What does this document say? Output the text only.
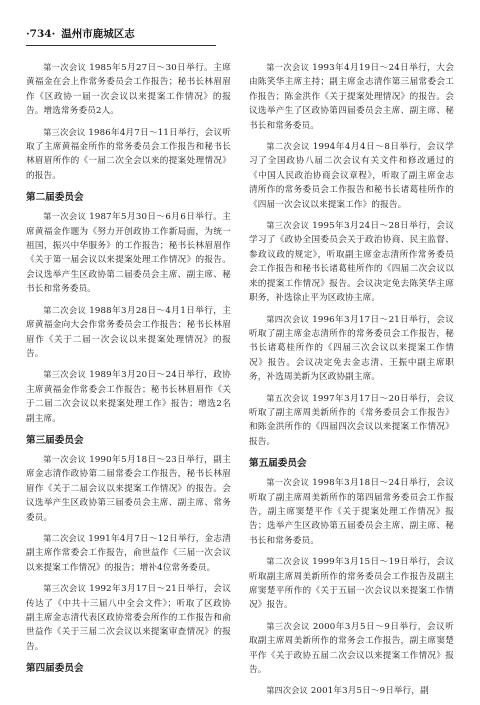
·734· 温州市鹿城区志

第一次会议 1985年5月27日～30日举行。主席黄福金在会上作常务委员会工作报告；秘书长林眉眉作《区政协一届一次会议以来提案工作情况》的报告。增选常务委员2人。

第三次会议 1986年4月7日～11日举行，会议听取了主席黄福金所作的常务委员会工作报告和秘书长林眉眉所作的《一届二次全会以来的提案处理情况》的报告。

第二届委员会

第一次会议 1987年5月30日～6月6日举行。主席黄福金作题为《努力开创政协工作新局面，为统一祖国，振兴中华服务》的工作报告；秘书长林眉眉作《关于第一届会议以来提案处理工作情况》的报告。会议选举产生区政协第二届委员会主席、副主席、秘书长和常务委员。

第二次会议 1988年3月28日～4月1日举行，主席黄福金向大会作常务委员会工作报告；秘书长林眉眉作《关于二届一次会议以来提案处理情况》的报告。

第三次会议 1989年3月20日～24日举行，政协主席黄福金作常委会工作报告；秘书长林眉眉作《关于二届二次会议以来提案处理工作》报告；增选2名副主席。

第三届委员会

第一次会议 1990年5月18日～23日举行，副主席金志清作政协第二届常委会工作报告，秘书长林眉眉作《关于二届会议以来提案工作情况》的报告。会议选举产生区政协第三届委员会主席、副主席、常务委员。

第二次会议 1991年4月7日～12日举行，金志清副主席作常委会工作报告，俞世益作《三届一次会议以来提案工作情况》的报告；增补4位常务委员。

第三次会议 1992年3月17日～21日举行，会议传达了《中共十三届八中全会文件》；听取了区政协副主席金志清代表区政协常委会所作的工作报告和俞世益作《关于三届二次会议以来提案审查情况》的报告。

第四届委员会

第一次会议 1993年4月19日～24日举行，大会由陈笑华主席主持；副主席金志清作第三届常委会工作报告；陈金洪作《关于提案处理情况》的报告。会议选举产生了区政协第四届委员会主席、副主席、秘书长和常务委员。

第二次会议 1994年4月4日～8日举行，会议学习了全国政协八届二次会议有关文件和修改通过的《中国人民政治协商会议章程》，听取了副主席金志清所作的常务委员会工作报告和秘书长诸葛桂所作的《四届一次会议以来提案工作》的报告。

第三次会议 1995年3月24日～28日举行，会议学习了《政协全国委员会关于政治协商、民主监督、参政议政的规定》，听取副主席金志清所作常务委员会工作报告和秘书长诸葛桂所作的《四届二次会议以来的提案工作情况》报告。会议决定免去陈笑华主席职务，补选徐止平为区政协主席。

第四次会议 1996年3月17日～21日举行，会议听取了副主席金志清所作的常务委员会工作报告，秘书长诸葛桂所作的《四届三次会议以来提案工作情况》报告。会议决定免去金志清、王振中副主席职务，补选周美新为区政协副主席。

第五次会议 1997年3月17日～20日举行，会议听取了副主席周美新所作的《常务委员会工作报告》和陈金洪所作的《四届四次会议以来提案工作情况》报告。

第五届委员会

第一次会议 1998年3月18日～24日举行，会议听取了副主席周美新所作的第四届常务委员会工作报告，副主席窦楚平作《关于提案处理工作情况》报告；选举产生区政协第五届委员会主席、副主席、秘书长和常务委员。

第二次会议 1999年3月15日～19日举行，会议听取副主席周美新所作的常务委员会工作报告及副主席窦楚平所作的《关于五届一次会议以来提案工作情况》报告。

第三次会议 2000年3月5日～9日举行，会议听取副主席周美新所作的常务会工作报告，副主席窦楚平作《关于政协五届二次会议以来提案工作情况》报告。

第四次会议 2001年3月5日～9日举行，副
